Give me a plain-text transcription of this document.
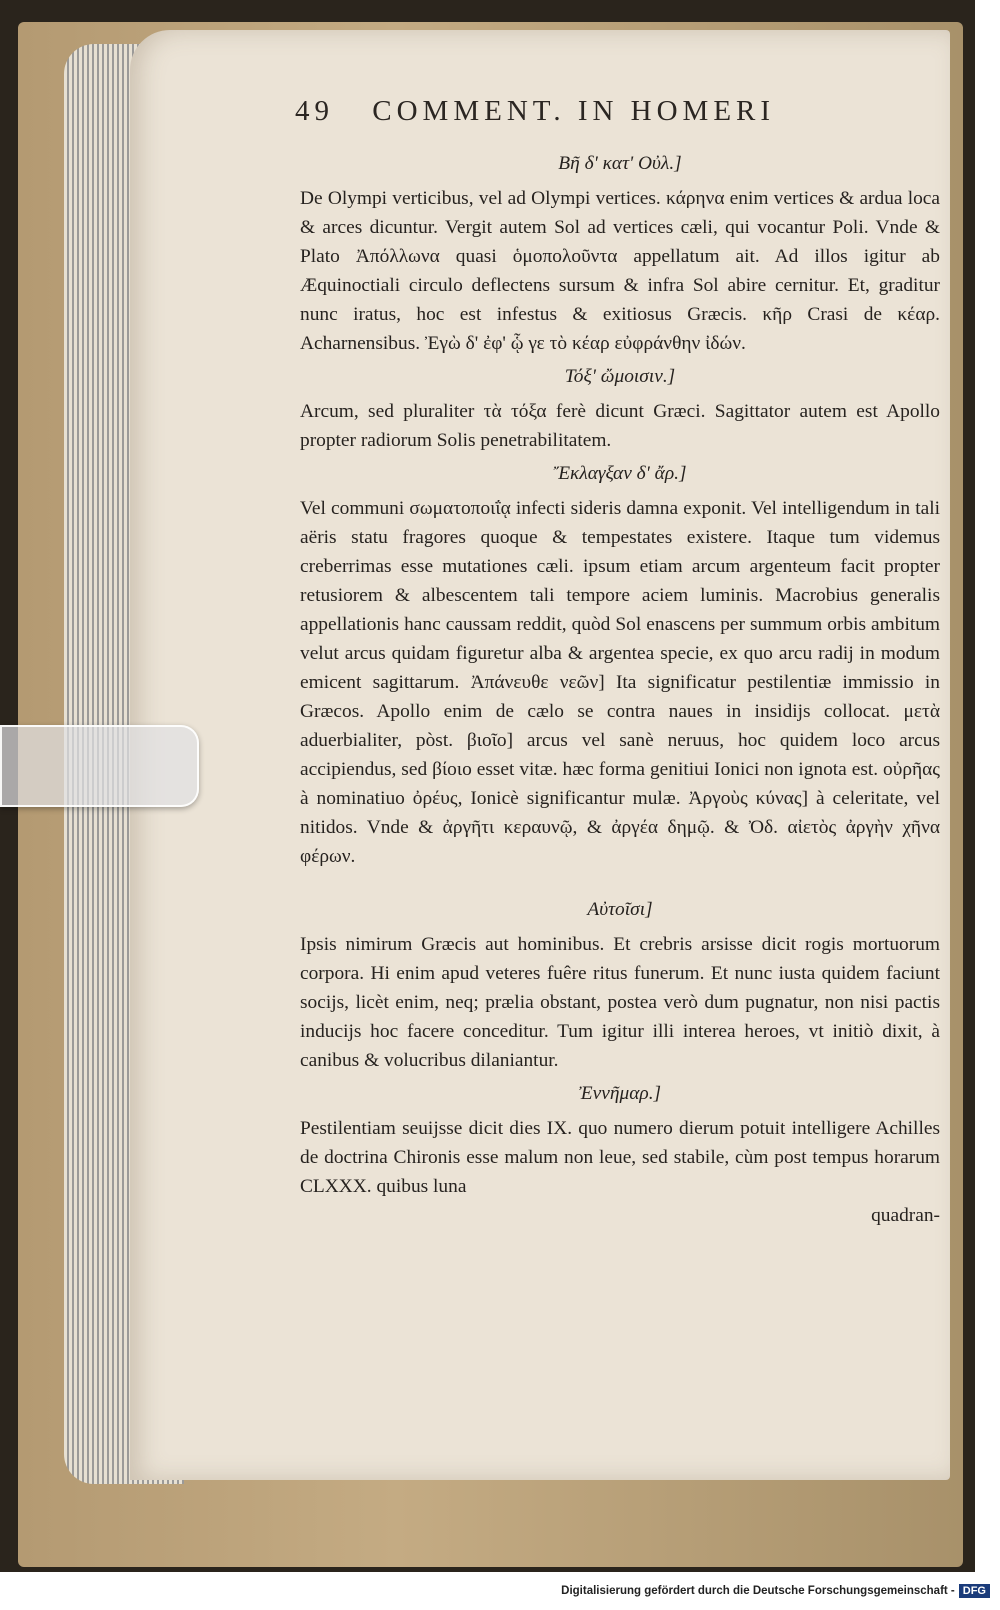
49 COMMENT. IN HOMERI
Βῆ δ' κατ' Οὐλ.]

De Olympi verticibus, vel ad Olympi vertices. κάρηνα enim vertices & ardua loca & arces dicuntur. Vergit autem Sol ad vertices cæli, qui vocantur Poli. Vnde & Plato Ἀπόλλωνα quasi ὁμοπολοῦντα appellatum ait. Ad illos igitur ab Æquinoctiali circulo deflectens sursum & infra Sol abire cernitur. Et, graditur nunc iratus, hoc est infestus & exitiosus Græcis. κῆρ Crasi de κέαρ. Acharnensibus. Ἐγὼ δ' ἐφ' ᾧ γε τὸ κέαρ εὐφράνθην ἰδών.

Τόξ' ὤμοισιν.]

Arcum, sed pluraliter τὰ τόξα ferè dicunt Græci. Sagittator autem est Apollo propter radiorum Solis penetrabilitatem.

Ἔκλαγξαν δ' ἄρ.]

Vel communi σωματοποιΐᾳ infecti sideris damna exponit. Vel intelligendum in tali aëris statu fragores quoque & tempestates existere. Itaque tum videmus creberrimas esse mutationes cæli. ipsum etiam arcum argenteum facit propter retusiorem & albescentem tali tempore aciem luminis. Macrobius generalis appellationis hanc caussam reddit, quòd Sol enascens per summum orbis ambitum velut arcus quidam figuretur alba & argentea specie, ex quo arcu radij in modum emicent sagittarum. Ἀπάνευθε νεῶν] Ita significatur pestilentiæ immissio in Græcos. Apollo enim de cælo se contra naues in insidijs collocat. μετὰ aduerbialiter, pòst. βιοῖο] arcus vel sanè neruus, hoc quidem loco arcus accipiendus, sed βίοιο esset vitæ. hæc forma genitiui Ionici non ignota est. οὐρῆας à nominatiuo ὀρέυς, Ionicè significantur mulæ. Ἀργοὺς κύνας] à celeritate, vel nitidos. Vnde & ἀργῆτι κεραυνῷ, & ἀργέα δημῷ. & Ὀδ. αἰετὸς ἀργὴν χῆνα φέρων.

Αὐτοῖσι]

Ipsis nimirum Græcis aut hominibus. Et crebris arsisse dicit rogis mortuorum corpora. Hi enim apud veteres fuêre ritus funerum. Et nunc iusta quidem faciunt socijs, licèt enim, neq; prælia obstant, postea verò dum pugnatur, non nisi pactis inducijs hoc facere conceditur. Tum igitur illi interea heroes, vt initiò dixit, à canibus & volucribus dilaniantur.

Ἐννῆμαρ.]

Pestilentiam seuijsse dicit dies IX. quo numero dierum potuit intelligere Achilles de doctrina Chironis esse malum non leue, sed stabile, cùm post tempus horarum CLXXX. quibus luna

quadran-
Digitalisierung gefördert durch die Deutsche Forschungsgemeinschaft - DFG
